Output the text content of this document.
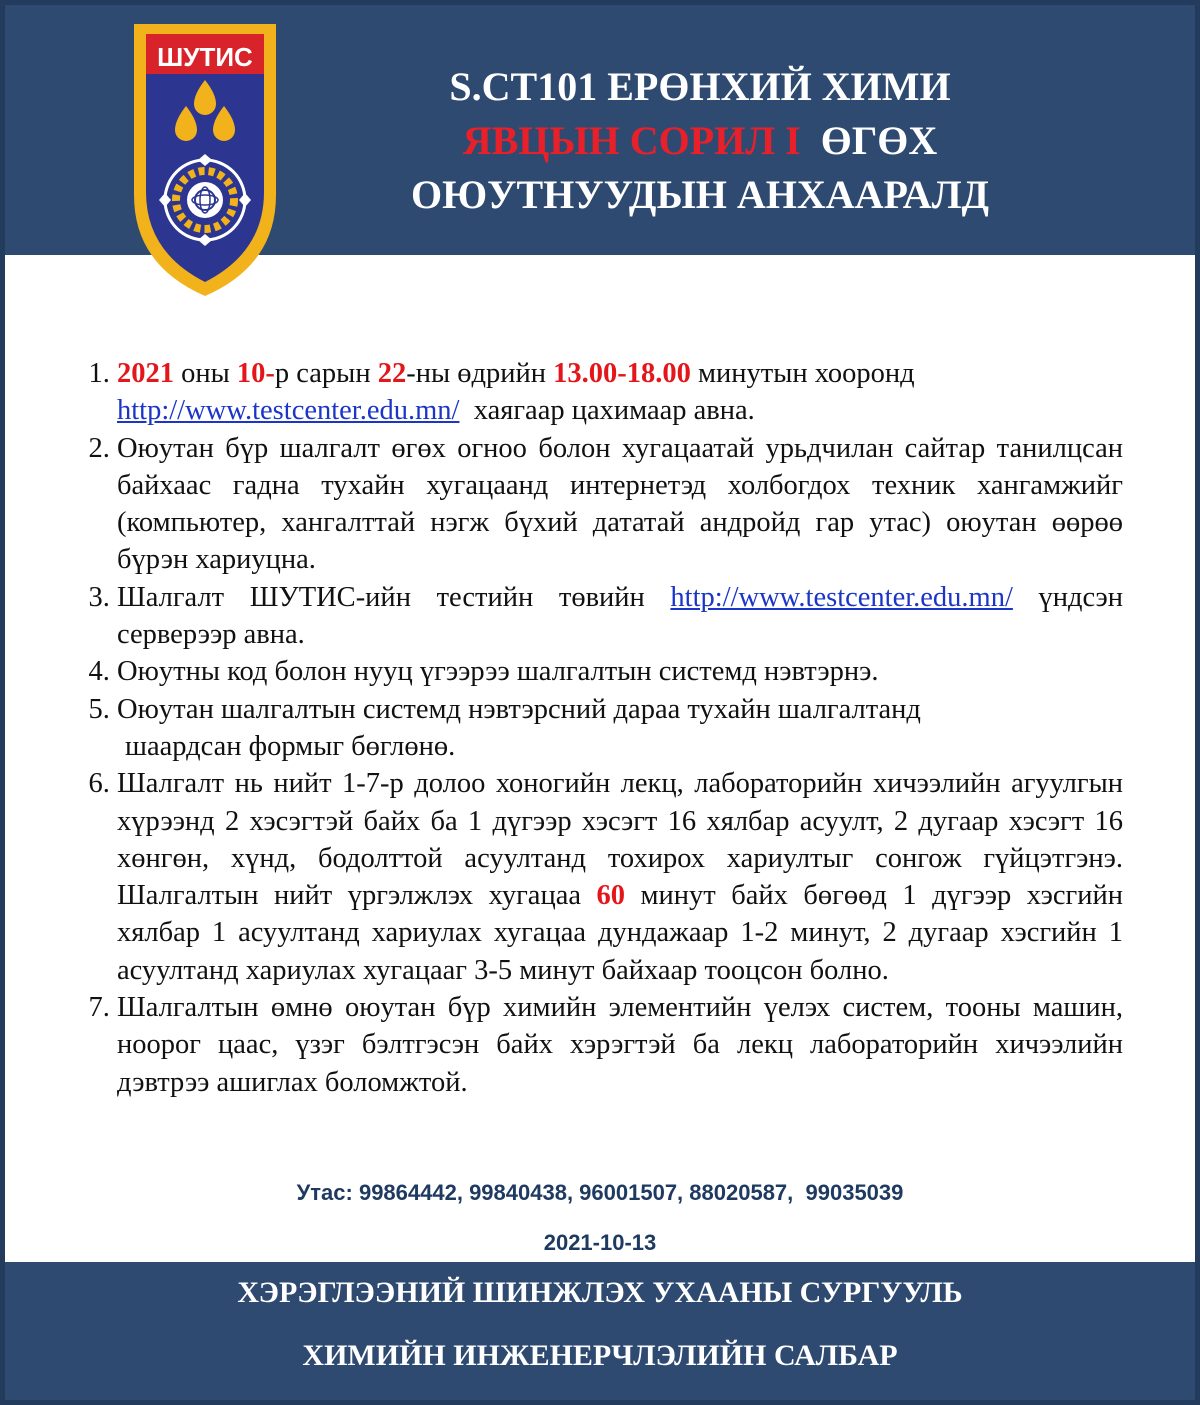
S.CT101 ЕРӨНХИЙ ХИМИ
ЯВЦЫН СОРИЛ I ӨГӨХ
ОЮУТНУУДЫН АНХААРАЛД
ШУТИС
1. 2021 оны 10-р сарын 22-ны өдрийн 13.00-18.00 минутын хооронд
http://www.testcenter.edu.mn/  хаягаар цахимаар авна.
2. Оюутан бүр шалгалт өгөх огноо болон хугацаатай урьдчилан сайтар танилцсан байхаас гадна тухайн хугацаанд интернетэд холбогдох техник хангамжийг (компьютер, хангалттай нэгж бүхий дататай андройд гар утас) оюутан өөрөө бүрэн хариуцна.
3. Шалгалт ШУТИС-ийн тестийн төвийн http://www.testcenter.edu.mn/ үндсэн серверээр авна.
4. Оюутны код болон нууц үгээрээ шалгалтын системд нэвтэрнэ.
5. Оюутан шалгалтын системд нэвтэрсний дараа тухайн шалгалтанд
шаардсан формыг бөглөнө.
6. Шалгалт нь нийт 1-7-р долоо хоногийн лекц, лабораторийн хичээлийн агуулгын хүрээнд 2 хэсэгтэй байх ба 1 дүгээр хэсэгт 16 хялбар асуулт, 2 дугаар хэсэгт 16 хөнгөн, хүнд, бодолттой асуултанд тохирох хариултыг сонгож гүйцэтгэнэ. Шалгалтын нийт үргэлжлэх хугацаа 60 минут байх бөгөөд 1 дүгээр хэсгийн хялбар 1 асуултанд хариулах хугацаа дундажаар 1-2 минут, 2 дугаар хэсгийн 1 асуултанд хариулах хугацааг 3-5 минут байхаар тооцсон болно.
7. Шалгалтын өмнө оюутан бүр химийн элементийн үелэх систем, тооны машин, ноорог цаас, үзэг бэлтгэсэн байх хэрэгтэй ба лекц лабораторийн хичээлийн дэвтрээ ашиглах боломжтой.
Утас: 99864442, 99840438, 96001507, 88020587,  99035039
2021-10-13
ХЭРЭГЛЭЭНИЙ ШИНЖЛЭХ УХААНЫ СУРГУУЛЬ
ХИМИЙН ИНЖЕНЕРЧЛЭЛИЙН САЛБАР
